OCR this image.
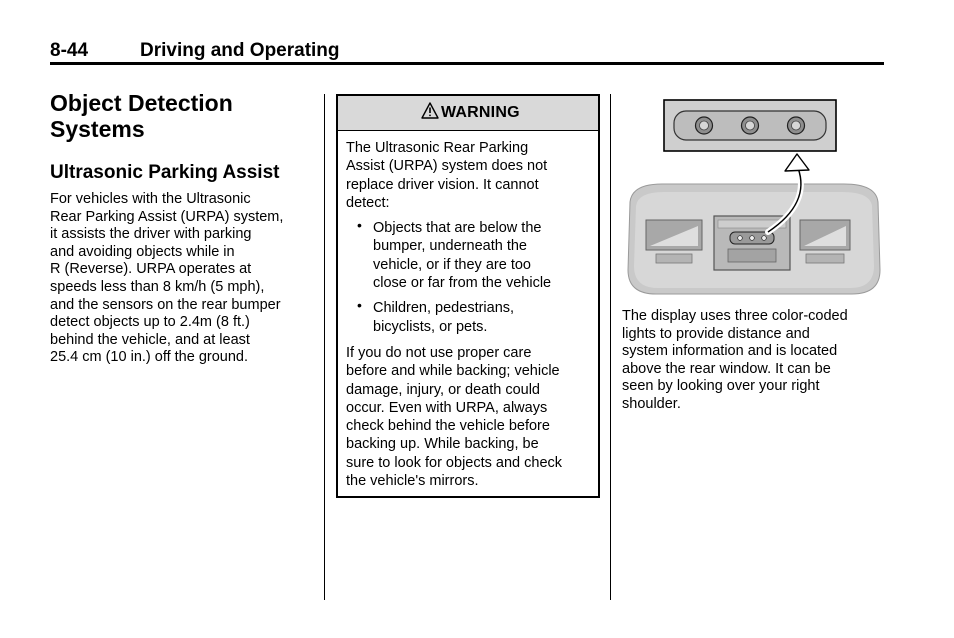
8-44	Driving and Operating
Object Detection
Systems
Ultrasonic Parking Assist

For vehicles with the Ultrasonic
Rear Parking Assist (URPA) system,
it assists the driver with parking
and avoiding objects while in
R (Reverse). URPA operates at
speeds less than 8 km/h (5 mph),
and the sensors on the rear bumper
detect objects up to 2.4m (8 ft.)
behind the vehicle, and at least
25.4 cm (10 in.) off the ground.

WARNING
The Ultrasonic Rear Parking
Assist (URPA) system does not
replace driver vision. It cannot
detect:
• Objects that are below the
bumper, underneath the
vehicle, or if they are too
close or far from the vehicle
• Children, pedestrians,
bicyclists, or pets.
If you do not use proper care
before and while backing; vehicle
damage, injury, or death could
occur. Even with URPA, always
check behind the vehicle before
backing up. While backing, be
sure to look for objects and check
the vehicle's mirrors.
The display uses three color-coded
lights to provide distance and
system information and is located
above the rear window. It can be
seen by looking over your right
shoulder.
